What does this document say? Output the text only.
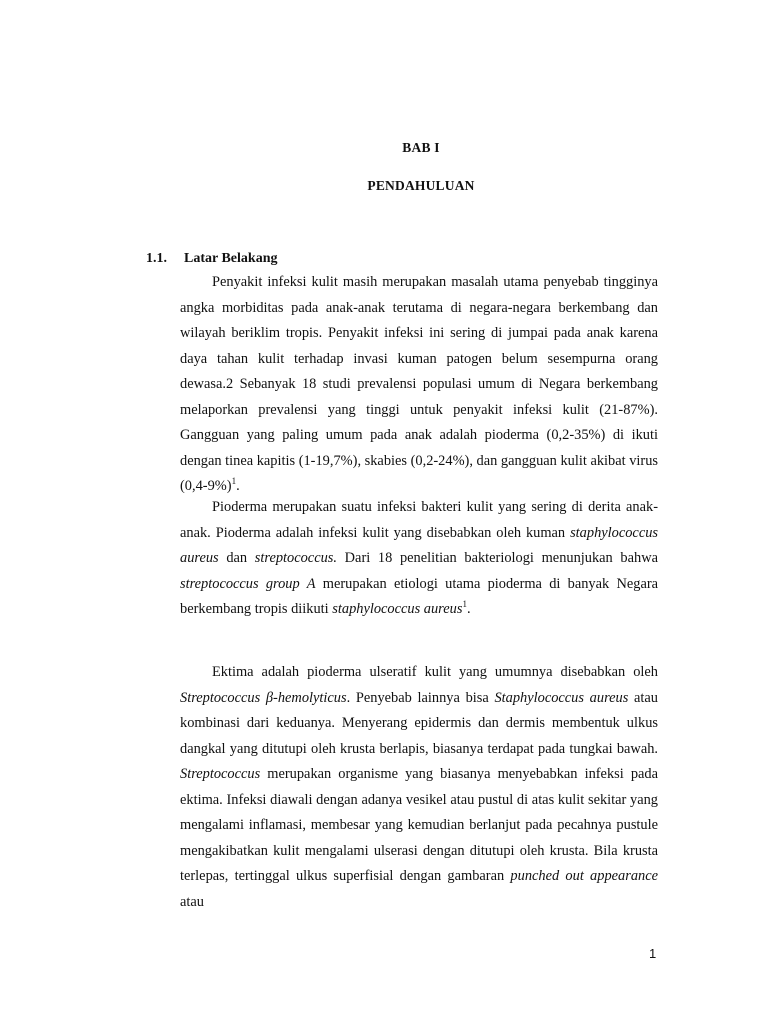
BAB I
PENDAHULUAN
1.1. Latar Belakang
Penyakit infeksi kulit masih merupakan masalah utama penyebab tingginya angka morbiditas pada anak-anak terutama di negara-negara berkembang dan wilayah beriklim tropis. Penyakit infeksi ini sering di jumpai pada anak karena daya tahan kulit terhadap invasi kuman patogen belum sesempurna orang dewasa.2 Sebanyak 18 studi prevalensi populasi umum di Negara berkembang melaporkan prevalensi yang tinggi untuk penyakit infeksi kulit (21-87%). Gangguan yang paling umum pada anak adalah pioderma (0,2-35%) di ikuti dengan tinea kapitis (1-19,7%), skabies (0,2-24%), dan gangguan kulit akibat virus $(0,4-9\%)^1$.
Pioderma merupakan suatu infeksi bakteri kulit yang sering di derita anak-anak. Pioderma adalah infeksi kulit yang disebabkan oleh kuman staphylococcus aureus dan streptococcus. Dari 18 penelitian bakteriologi menunjukan bahwa streptococcus group A merupakan etiologi utama pioderma di banyak Negara berkembang tropis diikuti staphylococcus aureus$^1$.
Ektima adalah pioderma ulseratif kulit yang umumnya disebabkan oleh Streptococcus β-hemolyticus. Penyebab lainnya bisa Staphylococcus aureus atau kombinasi dari keduanya. Menyerang epidermis dan dermis membentuk ulkus dangkal yang ditutupi oleh krusta berlapis, biasanya terdapat pada tungkai bawah. Streptococcus merupakan organisme yang biasanya menyebabkan infeksi pada ektima. Infeksi diawali dengan adanya vesikel atau pustul di atas kulit sekitar yang mengalami inflamasi, membesar yang kemudian berlanjut pada pecahnya pustule mengakibatkan kulit mengalami ulserasi dengan ditutupi oleh krusta. Bila krusta terlepas, tertinggal ulkus superfisial dengan gambaran punched out appearance atau
1
